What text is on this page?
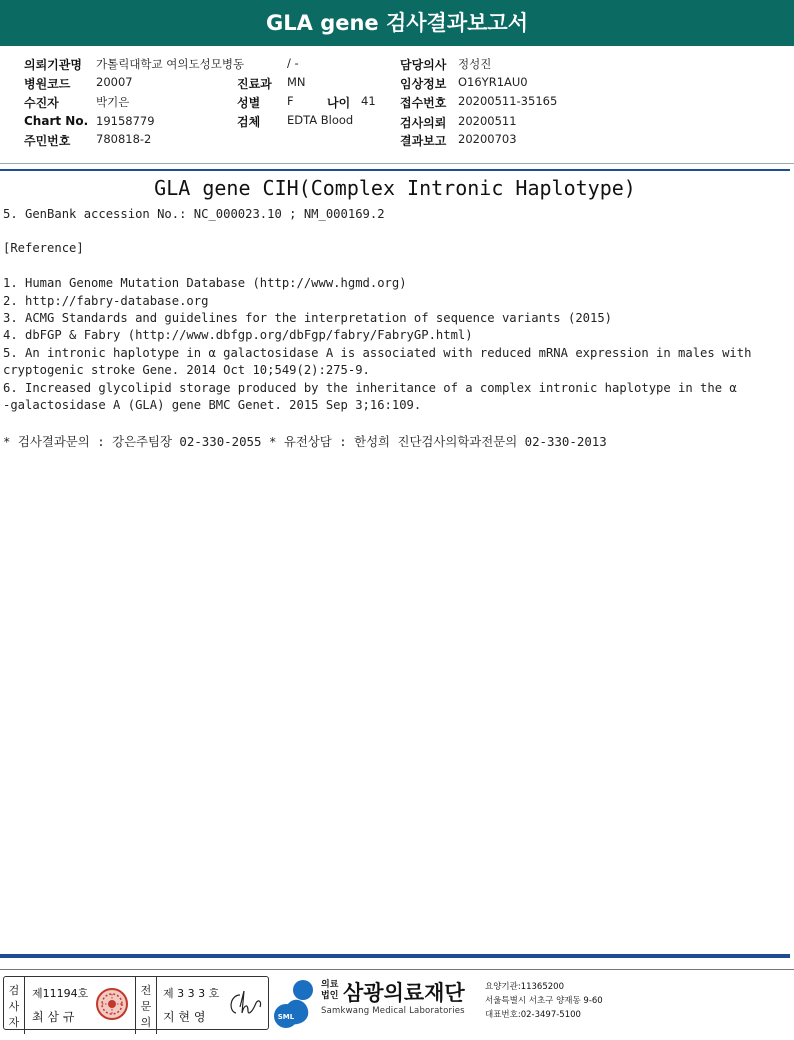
GLA gene 검사결과보고서
의뢰기관명 가톨릭대학교 여의도성모병동	/ -	담당의사 정성진
병원코드 20007	진료과 MN	임상정보 O16YR1AU0
수진자	박기은	성별 F	나이 41 접수번호 20200511-35165
Chart No. 19158779	검체 EDTA Blood	검사의뢰 20200511
주민번호 780818-2	결과보고 20200703
GLA gene CIH(Complex Intronic Haplotype)
5. GenBank accession No.: NC_000023.10 ; NM_000169.2
[Reference]
1. Human Genome Mutation Database (http://www.hgmd.org)
2. http://fabry-database.org
3. ACMG Standards and guidelines for the interpretation of sequence variants (2015)
4. dbFGP & Fabry (http://www.dbfgp.org/dbFgp/fabry/FabryGP.html)
5. An intronic haplotype in α galactosidase A is associated with reduced mRNA expression in males with
cryptogenic stroke Gene. 2014 Oct 10;549(2):275-9.
6. Increased glycolipid storage produced by the inheritance of a complex intronic haplotype in the α
-galactosidase A (GLA) gene BMC Genet. 2015 Sep 3;16:109.
* 검사결과문의 : 강은주팀장 02-330-2055 * 유전상담 : 한성희 진단검사의학과전문의 02-330-2013
검
사
자
제11194호
최 삼 규
전
문
의
제 3 3 3 호
지 현 영	SML
의료
법인 삼광의료재단
Samkwang Medical Laboratories
요양기관:11365200
서울특별시 서초구 양재동 9-60
대표번호:02-3497-5100
